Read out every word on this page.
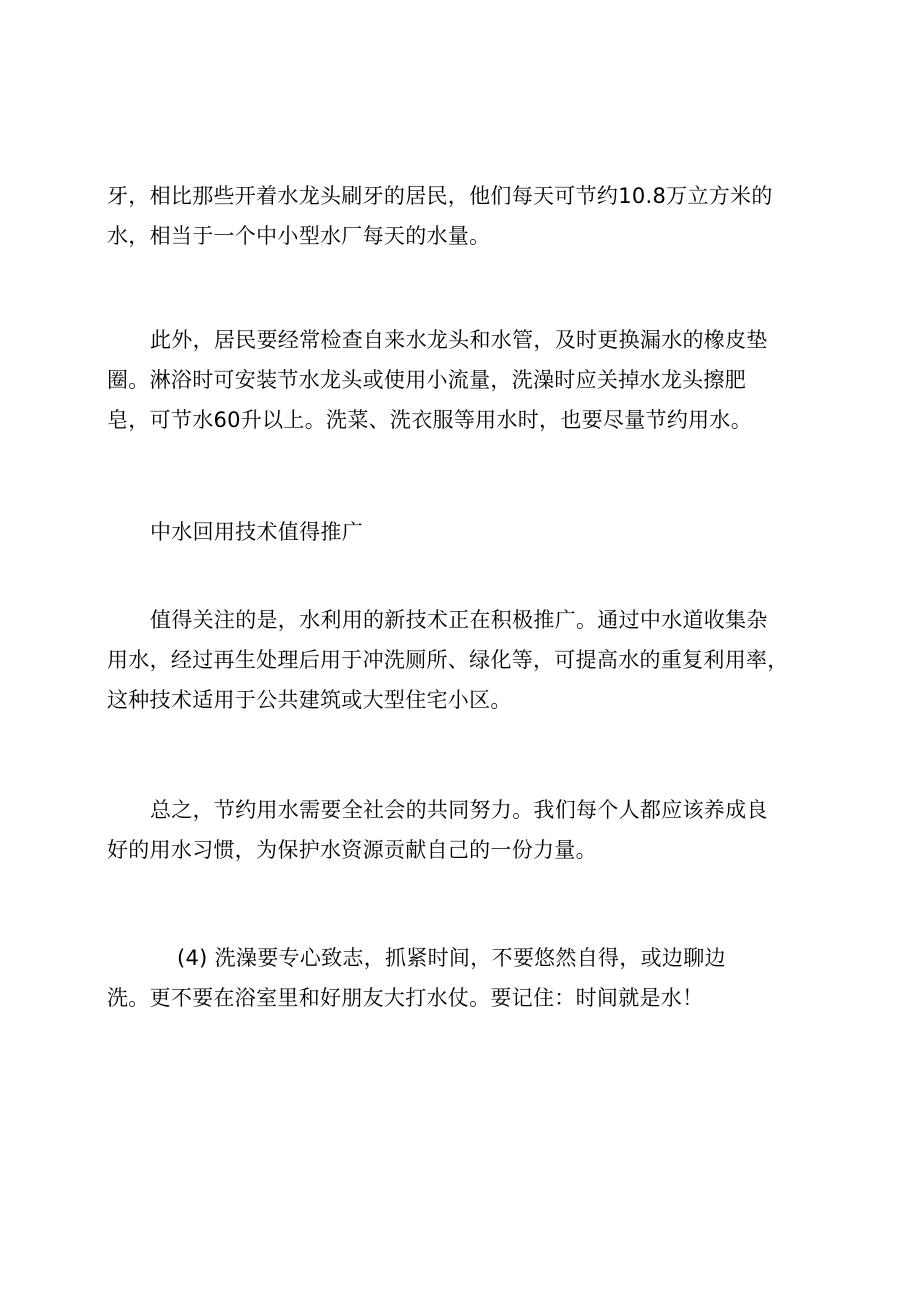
牙，相比那些开着水龙头刷牙的居民，他们每天可节约10.8万立方米的
水，相当于一个中小型水厂每天的水量。

此外，居民要经常检查自来水龙头和水管，及时更换漏水的橡皮垫
圈。淋浴时可安装节水龙头或使用小流量，洗澡时应关掉水龙头擦肥
皂，可节水60升以上。洗菜、洗衣服等用水时，也要尽量节约用水。

中水回用技术值得推广

值得关注的是，水利用的新技术正在积极推广。通过中水道收集杂
用水，经过再生处理后用于冲洗厕所、绿化等，可提高水的重复利用率，
这种技术适用于公共建筑或大型住宅小区。

总之，节约用水需要全社会的共同努力。我们每个人都应该养成良
好的用水习惯，为保护水资源贡献自己的一份力量。

(4) 洗澡要专心致志，抓紧时间，不要悠然自得，或边聊边
洗。更不要在浴室里和好朋友大打水仗。要记住：时间就是水！
